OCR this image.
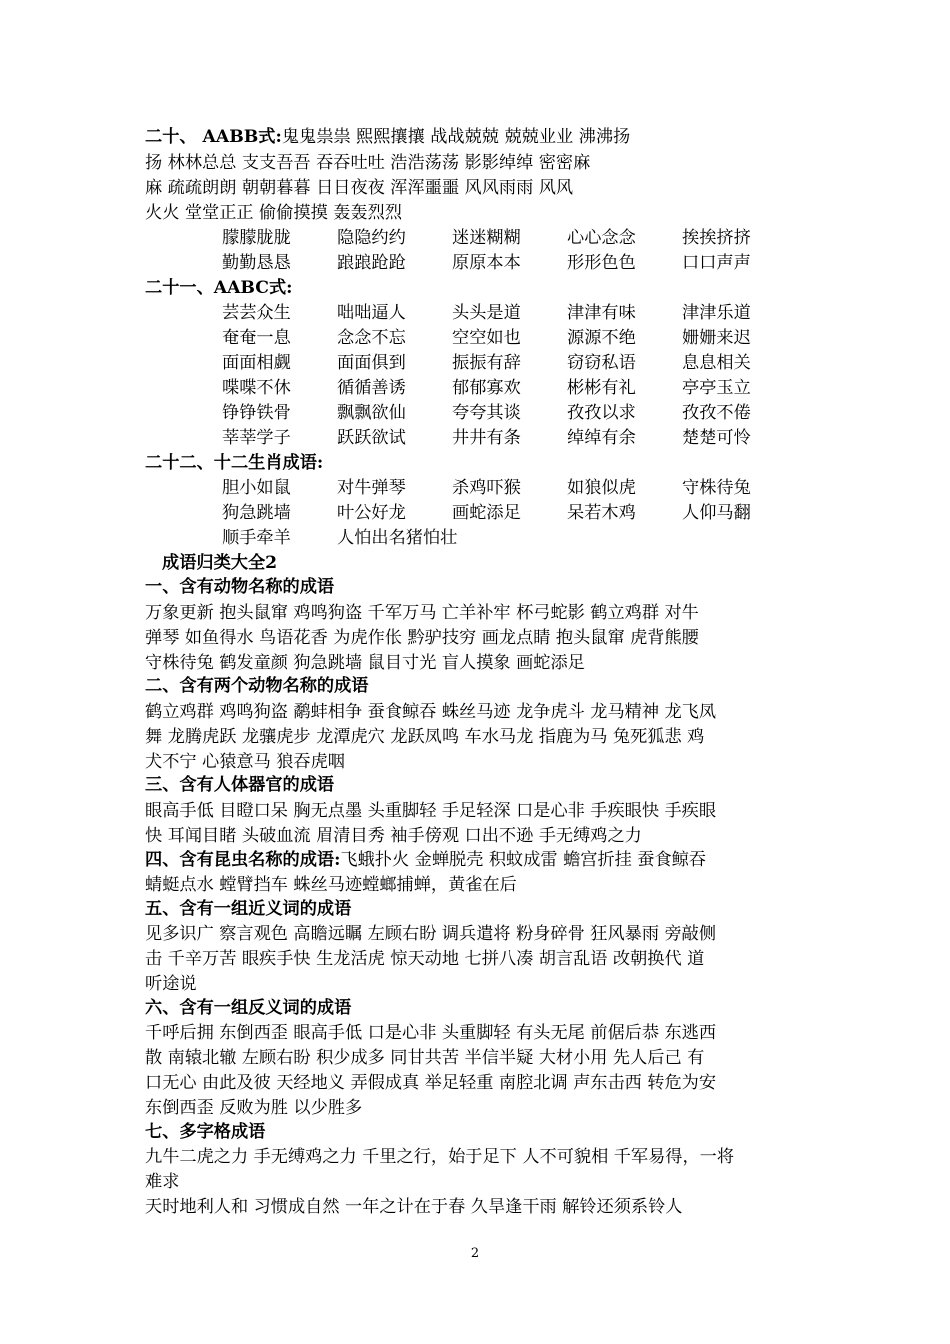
二十、 AABB式:鬼鬼祟祟 熙熙攘攘 战战兢兢 兢兢业业 沸沸扬
扬 林林总总 支支吾吾 吞吞吐吐 浩浩荡荡 影影绰绰 密密麻
麻 疏疏朗朗 朝朝暮暮 日日夜夜 浑浑噩噩 风风雨雨 风风
火火 堂堂正正 偷偷摸摸 轰轰烈烈
朦朦胧胧	隐隐约约	迷迷糊糊	心心念念	挨挨挤挤
勤勤恳恳	踉踉跄跄	原原本本	形形色色	口口声声
二十一、AABC式:
芸芸众生	咄咄逼人	头头是道	津津有味	津津乐道
奄奄一息	念念不忘	空空如也	源源不绝	姗姗来迟
面面相觑	面面俱到	振振有辞	窃窃私语	息息相关
喋喋不休	循循善诱	郁郁寡欢	彬彬有礼	亭亭玉立
铮铮铁骨	飘飘欲仙	夸夸其谈	孜孜以求	孜孜不倦
莘莘学子	跃跃欲试	井井有条	绰绰有余	楚楚可怜
二十二、十二生肖成语:
胆小如鼠	对牛弹琴	杀鸡吓猴	如狼似虎	守株待兔
狗急跳墙	叶公好龙	画蛇添足	呆若木鸡	人仰马翻
顺手牵羊	人怕出名猪怕壮
成语归类大全2
一、含有动物名称的成语
万象更新 抱头鼠窜 鸡鸣狗盗 千军万马 亡羊补牢 杯弓蛇影 鹤立鸡群 对牛
弹琴 如鱼得水 鸟语花香 为虎作伥 黔驴技穷 画龙点睛 抱头鼠窜 虎背熊腰
守株待兔 鹤发童颜 狗急跳墙 鼠目寸光 盲人摸象 画蛇添足
二、含有两个动物名称的成语
鹤立鸡群 鸡鸣狗盗 鹬蚌相争 蚕食鲸吞 蛛丝马迹 龙争虎斗 龙马精神 龙飞凤
舞 龙腾虎跃 龙骧虎步 龙潭虎穴 龙跃凤鸣 车水马龙 指鹿为马 兔死狐悲 鸡
犬不宁 心猿意马 狼吞虎咽
三、含有人体器官的成语
眼高手低 目瞪口呆 胸无点墨 头重脚轻 手足轻深 口是心非 手疾眼快 手疾眼
快 耳闻目睹 头破血流 眉清目秀 袖手傍观 口出不逊 手无缚鸡之力
四、含有昆虫名称的成语:飞蛾扑火 金蝉脱壳 积蚊成雷 蟾宫折挂 蚕食鲸吞
蜻蜓点水 螳臂挡车 蛛丝马迹螳螂捕蝉，黄雀在后
五、含有一组近义词的成语
见多识广 察言观色 高瞻远瞩 左顾右盼 调兵遣将 粉身碎骨 狂风暴雨 旁敲侧
击 千辛万苦 眼疾手快 生龙活虎 惊天动地 七拼八凑 胡言乱语 改朝换代 道
听途说
六、含有一组反义词的成语
千呼后拥 东倒西歪 眼高手低 口是心非 头重脚轻 有头无尾 前倨后恭 东逃西
散 南辕北辙 左顾右盼 积少成多 同甘共苦 半信半疑 大材小用 先人后己 有
口无心 由此及彼 天经地义 弄假成真 举足轻重 南腔北调 声东击西 转危为安
东倒西歪 反败为胜 以少胜多
七、多字格成语
九牛二虎之力 手无缚鸡之力 千里之行，始于足下 人不可貌相 千军易得，一将
难求
天时地利人和 习惯成自然 一年之计在于春 久旱逢干雨 解铃还须系铃人
2
